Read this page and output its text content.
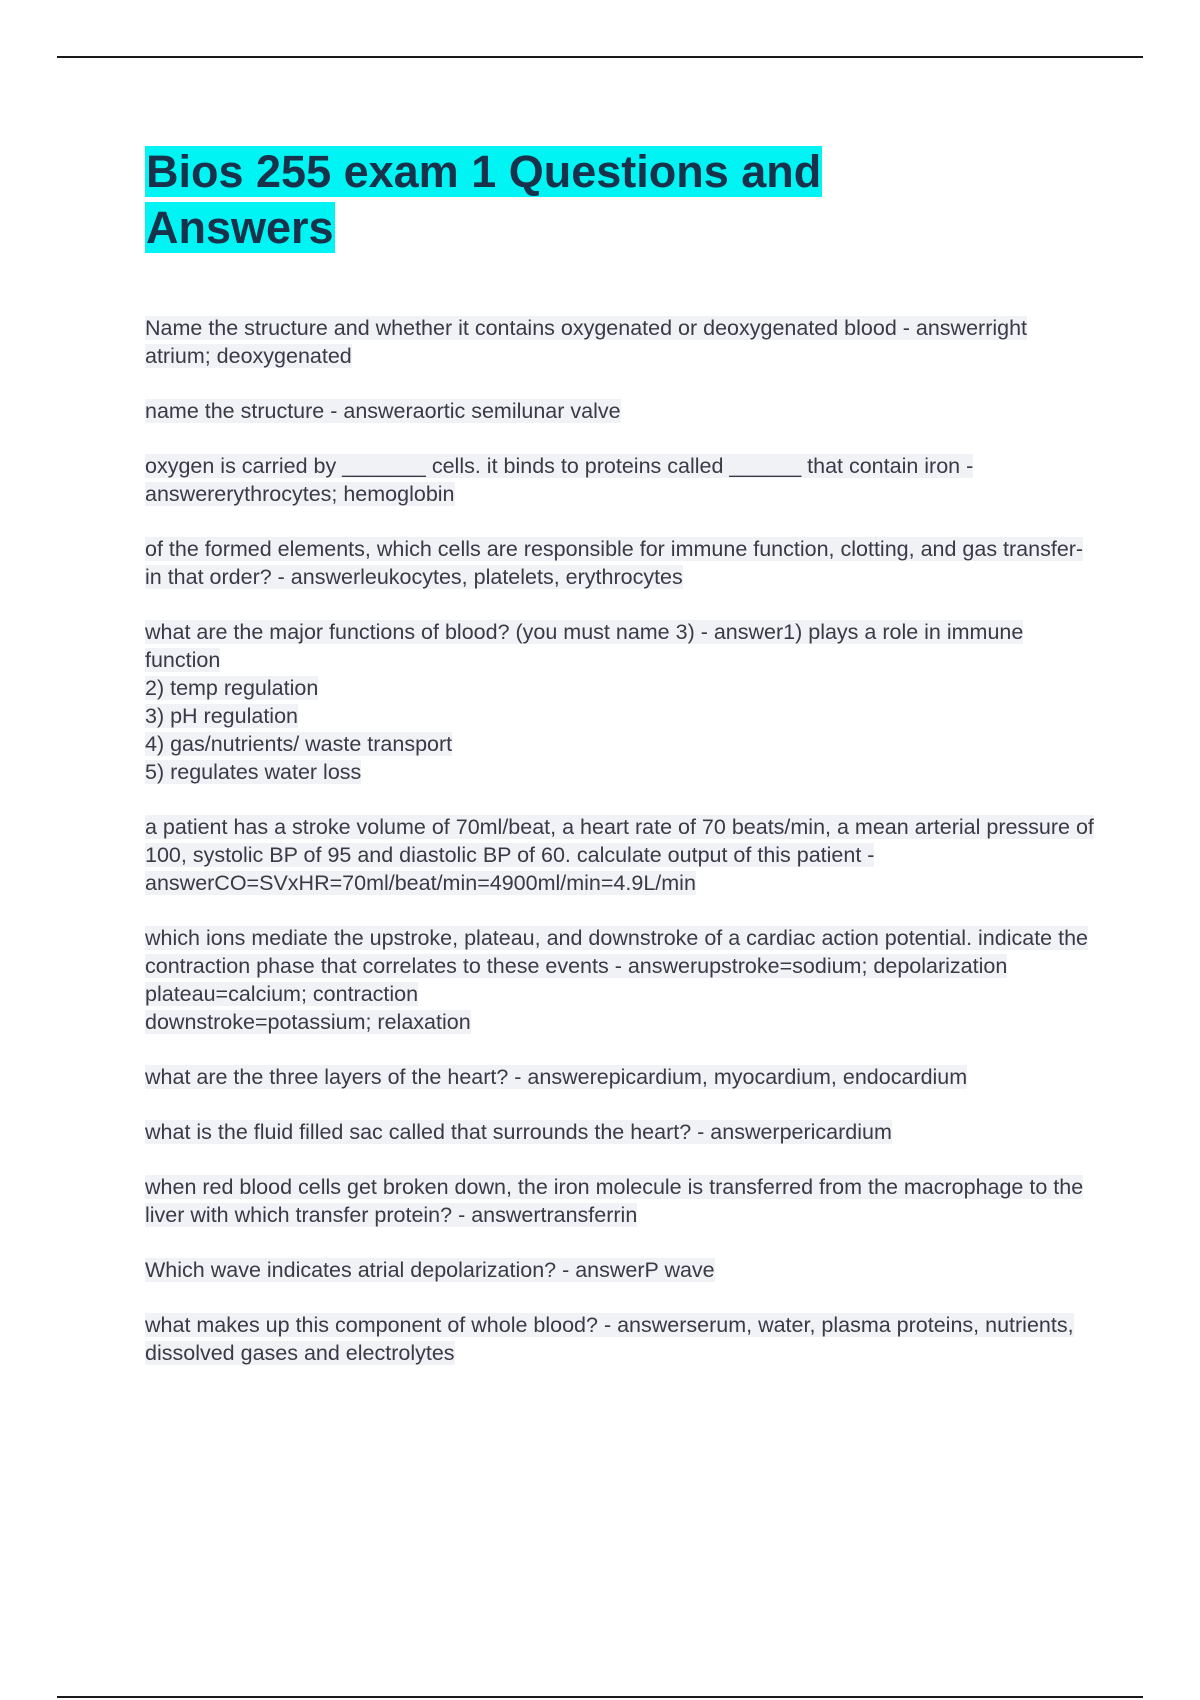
Bios 255 exam 1 Questions and
Answers
Name the structure and whether it contains oxygenated or deoxygenated blood - answerright atrium; deoxygenated
name the structure - answeraortic semilunar valve
oxygen is carried by _______ cells. it binds to proteins called ______ that contain iron - answererythrocytes; hemoglobin
of the formed elements, which cells are responsible for immune function, clotting, and gas transfer-in that order? - answerleukocytes, platelets, erythrocytes
what are the major functions of blood? (you must name 3) - answer1) plays a role in immune function
2) temp regulation
3) pH regulation
4) gas/nutrients/ waste transport
5) regulates water loss
a patient has a stroke volume of 70ml/beat, a heart rate of 70 beats/min, a mean arterial pressure of 100, systolic BP of 95 and diastolic BP of 60. calculate output of this patient - answerCO=SVxHR=70ml/beat/min=4900ml/min=4.9L/min
which ions mediate the upstroke, plateau, and downstroke of a cardiac action potential. indicate the contraction phase that correlates to these events - answerupstroke=sodium; depolarization
plateau=calcium; contraction
downstroke=potassium; relaxation
what are the three layers of the heart? - answerepicardium, myocardium, endocardium
what is the fluid filled sac called that surrounds the heart? - answerpericardium
when red blood cells get broken down, the iron molecule is transferred from the macrophage to the liver with which transfer protein? - answertransferrin
Which wave indicates atrial depolarization? - answerP wave
what makes up this component of whole blood? - answerserum, water, plasma proteins, nutrients, dissolved gases and electrolytes
